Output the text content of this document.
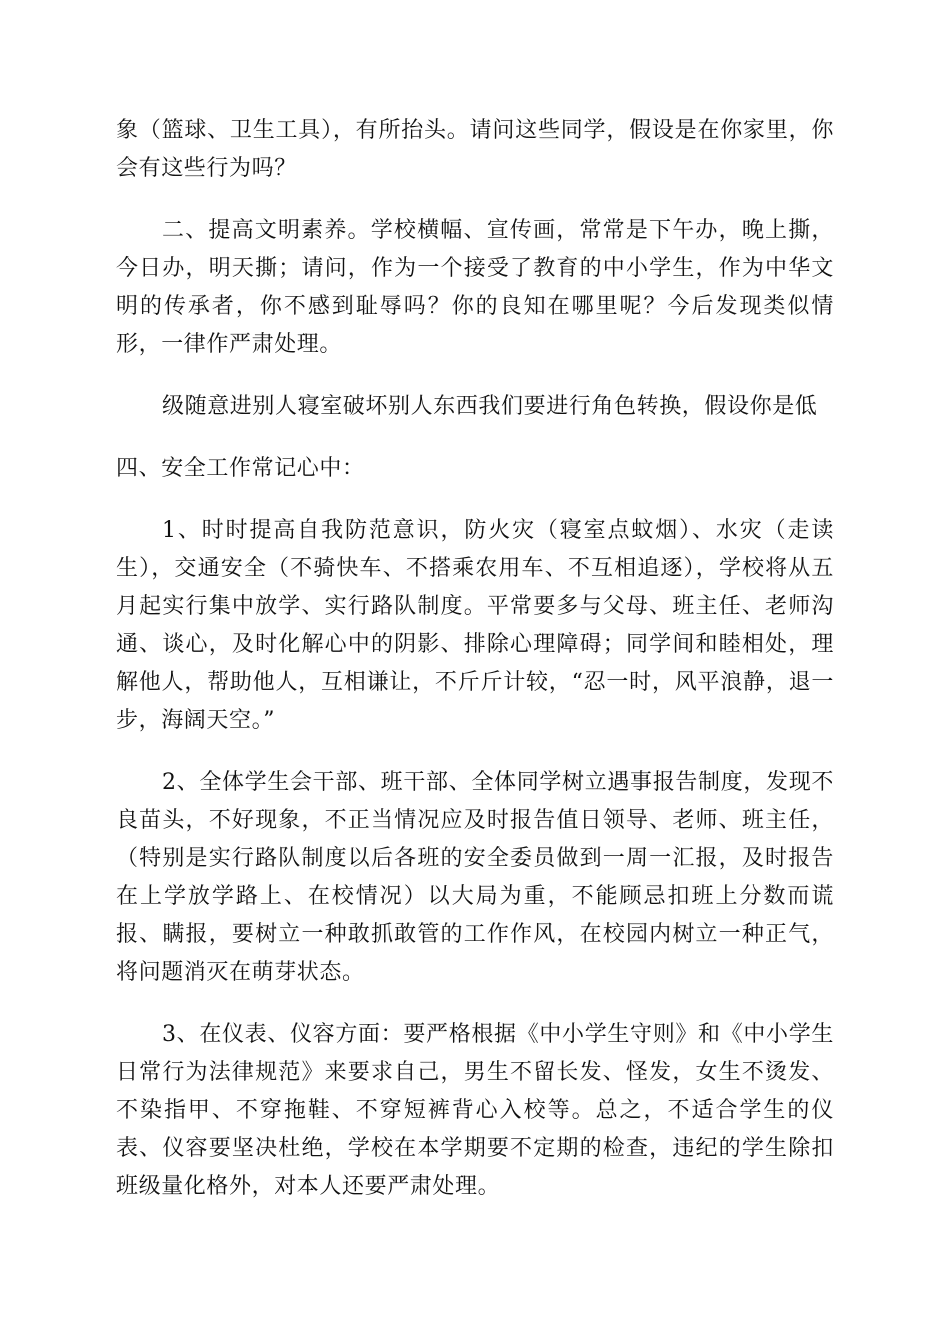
象（篮球、卫生工具），有所抬头。请问这些同学，假设是在你家里，你会有这些行为吗？

二、提高文明素养。学校横幅、宣传画，常常是下午办，晚上撕，今日办，明天撕；请问，作为一个接受了教育的中小学生，作为中华文明的传承者，你不感到耻辱吗？你的良知在哪里呢？今后发现类似情形，一律作严肃处理。

级随意进别人寝室破坏别人东西我们要进行角色转换，假设你是低

四、安全工作常记心中：

1、时时提高自我防范意识，防火灾（寝室点蚊烟）、水灾（走读生），交通安全（不骑快车、不搭乘农用车、不互相追逐），学校将从五月起实行集中放学、实行路队制度。平常要多与父母、班主任、老师沟通、谈心，及时化解心中的阴影、排除心理障碍；同学间和睦相处，理解他人，帮助他人，互相谦让，不斤斤计较，“忍一时，风平浪静，退一步，海阔天空。”

2、全体学生会干部、班干部、全体同学树立遇事报告制度，发现不良苗头，不好现象，不正当情况应及时报告值日领导、老师、班主任，（特别是实行路队制度以后各班的安全委员做到一周一汇报，及时报告在上学放学路上、在校情况）以大局为重，不能顾忌扣班上分数而谎报、瞒报，要树立一种敢抓敢管的工作作风，在校园内树立一种正气，将问题消灭在萌芽状态。

3、在仪表、仪容方面：要严格根据《中小学生守则》和《中小学生日常行为法律规范》来要求自己，男生不留长发、怪发，女生不烫发、不染指甲、不穿拖鞋、不穿短裤背心入校等。总之，不适合学生的仪表、仪容要坚决杜绝，学校在本学期要不定期的检查，违纪的学生除扣班级量化格外，对本人还要严肃处理。
